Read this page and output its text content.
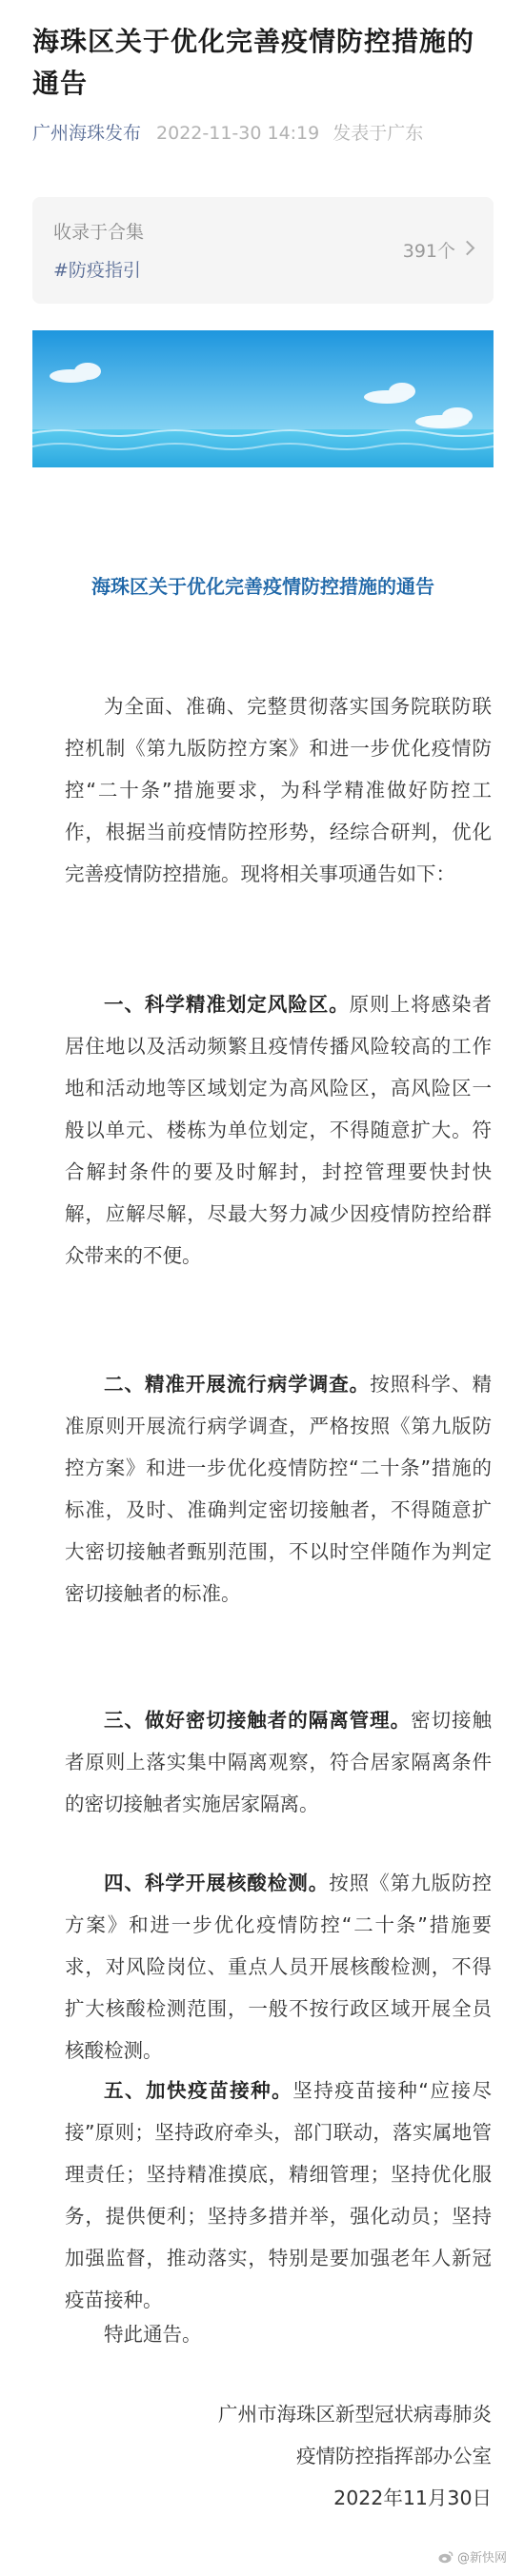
海珠区关于优化完善疫情防控措施的通告
广州海珠发布 2022-11-30 14:19 发表于广东
收录于合集
#防疫指引
391个
海珠区关于优化完善疫情防控措施的通告

为全面、准确、完整贯彻落实国务院联防联控机制《第九版防控方案》和进一步优化疫情防控“二十条”措施要求，为科学精准做好防控工作，根据当前疫情防控形势，经综合研判，优化完善疫情防控措施。现将相关事项通告如下：

一、科学精准划定风险区。原则上将感染者居住地以及活动频繁且疫情传播风险较高的工作地和活动地等区域划定为高风险区，高风险区一般以单元、楼栋为单位划定，不得随意扩大。符合解封条件的要及时解封，封控管理要快封快解，应解尽解，尽最大努力减少因疫情防控给群众带来的不便。

二、精准开展流行病学调查。按照科学、精准原则开展流行病学调查，严格按照《第九版防控方案》和进一步优化疫情防控“二十条”措施的标准，及时、准确判定密切接触者，不得随意扩大密切接触者甄别范围，不以时空伴随作为判定密切接触者的标准。

三、做好密切接触者的隔离管理。密切接触者原则上落实集中隔离观察，符合居家隔离条件的密切接触者实施居家隔离。

四、科学开展核酸检测。按照《第九版防控方案》和进一步优化疫情防控“二十条”措施要求，对风险岗位、重点人员开展核酸检测，不得扩大核酸检测范围，一般不按行政区域开展全员核酸检测。

五、加快疫苗接种。坚持疫苗接种“应接尽接”原则；坚持政府牵头，部门联动，落实属地管理责任；坚持精准摸底，精细管理；坚持优化服务，提供便利；坚持多措并举，强化动员；坚持加强监督，推动落实，特别是要加强老年人新冠疫苗接种。

特此通告。

广州市海珠区新型冠状病毒肺炎
疫情防控指挥部办公室
2022年11月30日
@新快网
